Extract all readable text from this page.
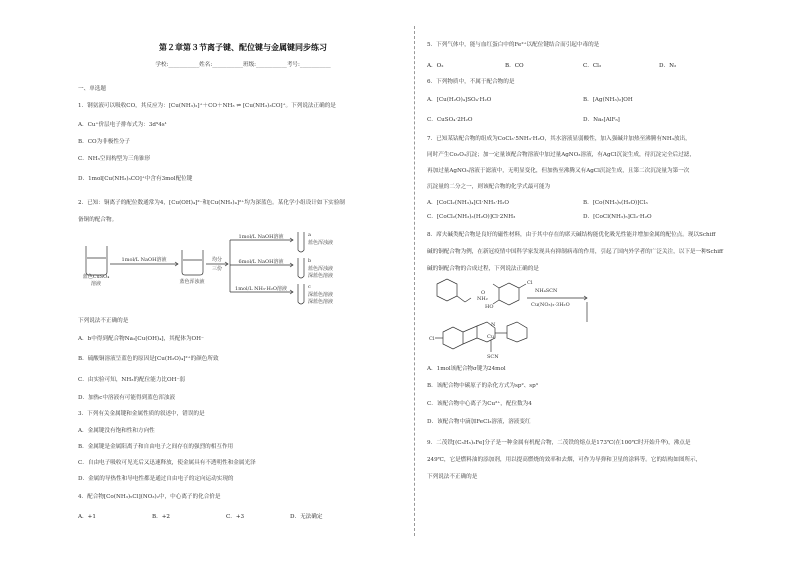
第２章第３节离子键、配位键与金属键同步练习
学校:___________姓名:___________班级:___________考号:___________
一、单选题
1．钢氨液可以吸收CO，其反应为：[Cu(NH₃)₂]⁺＋CO＋NH₃ ⇌ [Cu(NH₃)₃CO]⁺。下列说法正确的是
A．Cu⁺价层电子排布式为：3d⁹4s¹
B．CO为非极性分子
C．NH₃空间构型为三角锥形
D．1mol[Cu(NH₃)₃CO]⁺中含有3mol配位键
2．已知：铜离子的配位数通常为4，[Cu(OH)₄]²⁻和[Cu(NH₃)₄]²⁺均为深蓝色。某化学小组设计如下实验制
备铜的配合物。
蓝色CuSO₄
溶液
1mol/L NaOH溶液
蓝色浑浊液
均分
三份
1mol/L NaOH溶液
6mol/L NaOH溶液
1mol/L NH₃·H₂O溶液
a
蓝色浑浊液
b
蓝色浑浊液
深蓝色溶液
c
深蓝色溶液
深蓝色溶液
下列说法不正确的是
A．b中得到配合物Na₂[Cu(OH)₄]，其配体为OH⁻
B．硫酸铜溶液呈蓝色的原因是[Cu(H₂O)₄]²⁺的颜色所致
C．由实验可知，NH₃的配位能力比OH⁻弱
D．加热c中溶液有可能得到蓝色浑浊液
3．下列有关金属键和金属性质的叙述中，错误的是
A．金属键没有饱和性和方向性
B．金属键是金属阳离子和自由电子之间存在的强烈的相互作用
C．自由电子吸收可见光后又迅速释放，使金属具有不透明性和金属光泽
D．金属的导热性和导电性都是通过自由电子的定向运动实现的
4．配合物[Co(NH₃)₅Cl](NO₃)₂中，中心离子的化合价是
A．+1	B．+2	C．+3	D．无法确定
5．下列气体中，能与血红蛋白中的Fe²⁺以配位键结合而引起中毒的是
A．O₂	B．CO	C．Cl₂	D．N₂
6．下列物质中，不属于配合物的是
A．[Cu(H₂O)₄]SO₄·H₂O	B．[Ag(NH₃)₂]OH
C．CuSO₄·2H₂O	D．Na₃[AlF₆]
7．已知某钴配合物的组成为CoCl₃·5NH₃·H₂O，其水溶液显弱酸性，加入强碱并加热至沸腾有NH₃放出，
同时产生Co₂O₃沉淀；加一定量该配合物溶液中加过量AgNO₃溶液，有AgCl沉淀生成，待沉淀完全后过滤，
再加过量AgNO₃溶液于滤液中，无明显变化，但加热至沸腾又有AgCl沉淀生成，且第二次沉淀量为第一次
沉淀量的二分之一，则该配合物的化学式最可能为
A．[CoCl₂(NH₃)₄]Cl·NH₃·H₂O	B．[Co(NH₃)₅(H₂O)]Cl₃
C．[CoCl₂(NH₃)₃(H₂O)]Cl·2NH₃	D．[CoCl(NH₃)₅]Cl₂·H₂O
8．席夫碱类配合物是良好的磁性材料，由于其中存在的席天碱结构能优化吸光性能并增加金属的配位点。现以Schiff
碱的铜配合物为例，在新冠疫情中国科学家发现具有抑制病毒的作用，引起了国内外学者的广泛关注，以下是一种Schiff
碱的铜配合物的合成过程，下列说法正确的是
NH₂
O
HO
Cl
NH₄SCN
Cu(NO₃)₂·3H₂O
Cl
N
Cu
SCN
A．1mol该配合物σ键为24mol
B．该配合物中碳原子的杂化方式为sp²、sp³
C．该配合物中心离子为Cu²⁺，配位数为4
D．该配合物中滴加FeCl₃溶液，溶液变红
9．二茂铁[(C₅H₅)₂Fe]分子是一种金属有机配合物，二茂铁的熔点是173℃(在100℃时开始升华)，沸点是
249℃，它是燃料油的添加剂，用以提高燃烧的效率和去烟，可作为导弹和卫星的涂料等。它的结构如图所示，
下列说法不正确的是
